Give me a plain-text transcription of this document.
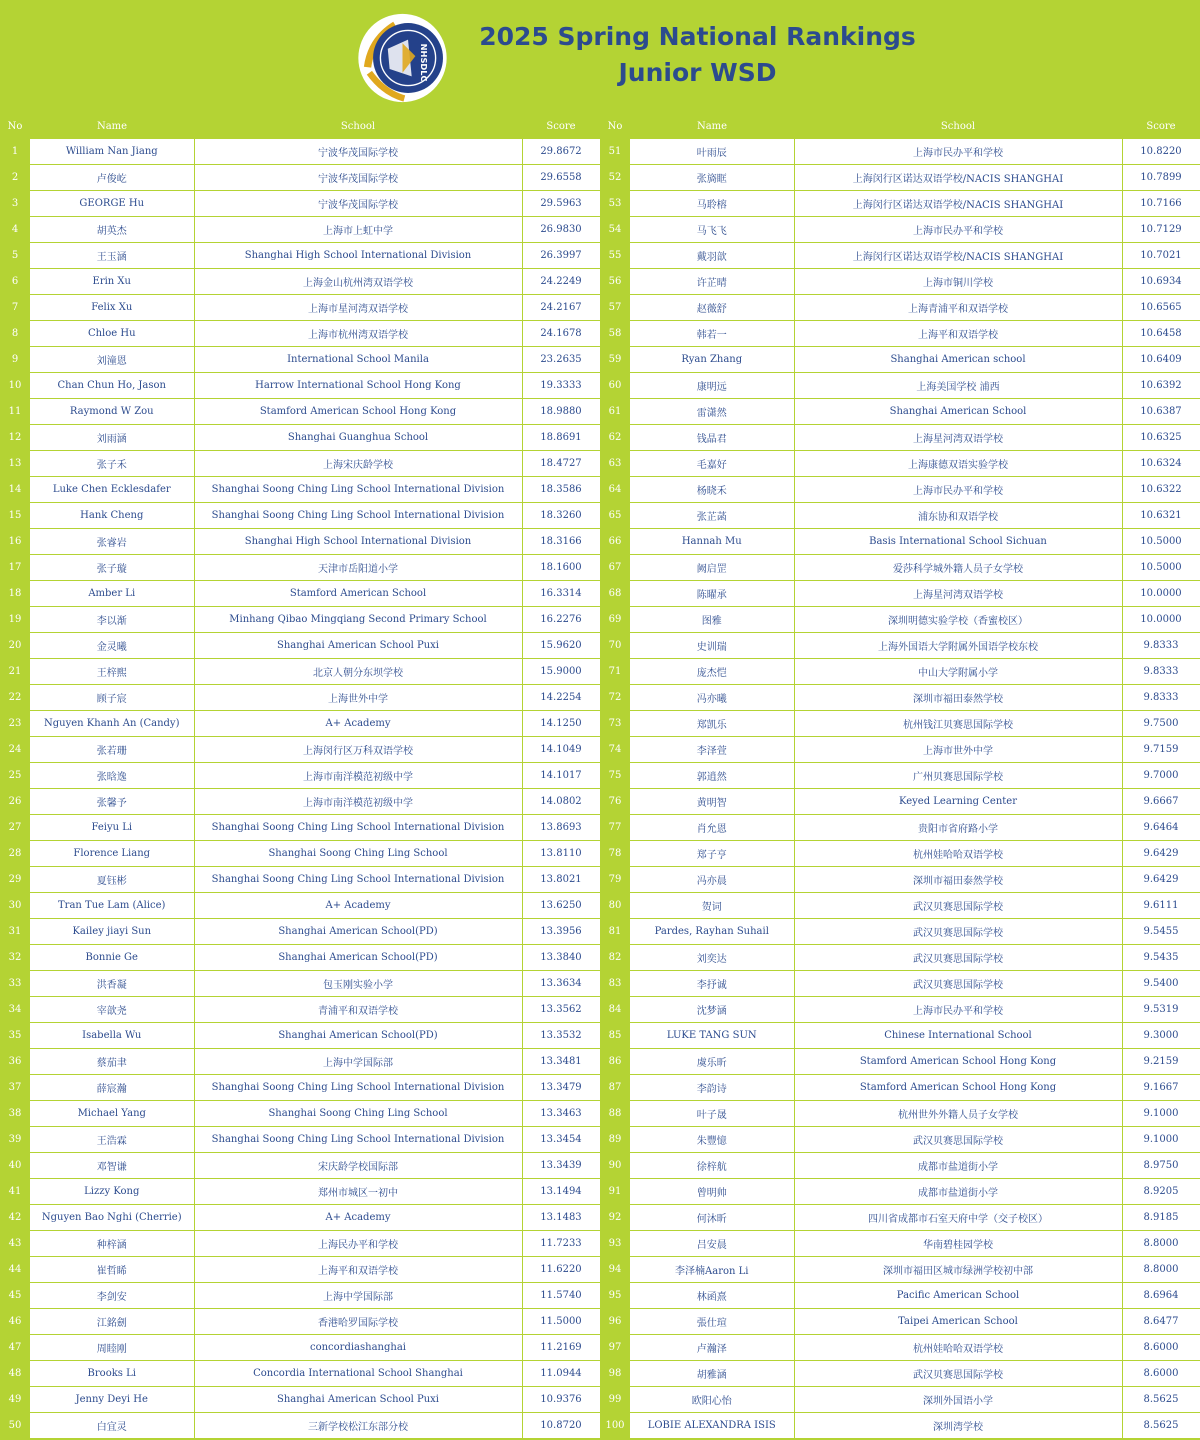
NHSDLC
2025 Spring National Rankings
Junior WSD
No	Name	School	Score
1	William Nan Jiang	宁波华茂国际学校	29.8672
2	卢俊屹	宁波华茂国际学校	29.6558
3	GEORGE Hu	宁波华茂国际学校	29.5963
4	胡英杰	上海市上虹中学	26.9830
5	王玉涵	Shanghai High School International Division	26.3997
6	Erin Xu	上海金山杭州湾双语学校	24.2249
7	Felix Xu	上海市星河湾双语学校	24.2167
8	Chloe Hu	上海市杭州湾双语学校	24.1678
9	刘潼恩	International School Manila	23.2635
10	Chan Chun Ho, Jason	Harrow International School Hong Kong	19.3333
11	Raymond W Zou	Stamford American School Hong Kong	18.9880
12	刘雨涵	Shanghai Guanghua School	18.8691
13	张子禾	上海宋庆龄学校	18.4727
14	Luke Chen Ecklesdafer	Shanghai Soong Ching Ling School International Division	18.3586
15	Hank Cheng	Shanghai Soong Ching Ling School International Division	18.3260
16	张睿岩	Shanghai High School International Division	18.3166
17	张子璇	天津市岳阳道小学	18.1600
18	Amber Li	Stamford American School	16.3314
19	李以渐	Minhang Qibao Mingqiang Second Primary School	16.2276
20	金灵曦	Shanghai American School Puxi	15.9620
21	王梓熙	北京人朝分东坝学校	15.9000
22	顾子宸	上海世外中学	14.2254
23	Nguyen Khanh An (Candy)	A+ Academy	14.1250
24	张若珊	上海闵行区万科双语学校	14.1049
25	张晗逸	上海市南洋模范初级中学	14.1017
26	张馨予	上海市南洋模范初级中学	14.0802
27	Feiyu Li	Shanghai Soong Ching Ling School International Division	13.8693
28	Florence Liang	Shanghai Soong Ching Ling School	13.8110
29	夏钰彬	Shanghai Soong Ching Ling School International Division	13.8021
30	Tran Tue Lam (Alice)	A+ Academy	13.6250
31	Kailey jiayi Sun	Shanghai American School(PD)	13.3956
32	Bonnie Ge	Shanghai American School(PD)	13.3840
33	洪香凝	包玉刚实验小学	13.3634
34	宰歆尧	青浦平和双语学校	13.3562
35	Isabella Wu	Shanghai American School(PD)	13.3532
36	蔡茄聿	上海中学国际部	13.3481
37	薛宸瀚	Shanghai Soong Ching Ling School International Division	13.3479
38	Michael Yang	Shanghai Soong Ching Ling School	13.3463
39	王浩霖	Shanghai Soong Ching Ling School International Division	13.3454
40	邓智谦	宋庆龄学校国际部	13.3439
41	Lizzy Kong	郑州市城区一初中	13.1494
42	Nguyen Bao Nghi (Cherrie)	A+ Academy	13.1483
43	种梓涵	上海民办平和学校	11.7233
44	崔哲睎	上海平和双语学校	11.6220
45	李剑安	上海中学国际部	11.5740
46	江銘劍	香港哈罗国际学校	11.5000
47	周睦刚	concordiashanghai	11.2169
48	Brooks Li	Concordia International School Shanghai	11.0944
49	Jenny Deyi He	Shanghai American School Puxi	10.9376
50	白宜灵	三新学校松江东部分校	10.8720
No	Name	School	Score
51	叶雨辰	上海市民办平和学校	10.8220
52	张旖眶	上海闵行区诺达双语学校/NACIS SHANGHAI	10.7899
53	马聆榕	上海闵行区诺达双语学校/NACIS SHANGHAI	10.7166
54	马飞飞	上海市民办平和学校	10.7129
55	戴羽歆	上海闵行区诺达双语学校/NACIS SHANGHAI	10.7021
56	许芷晴	上海市铜川学校	10.6934
57	赵薇舒	上海青浦平和双语学校	10.6565
58	韩若一	上海平和双语学校	10.6458
59	Ryan Zhang	Shanghai American school	10.6409
60	康明远	上海美国学校 浦西	10.6392
61	雷潇然	Shanghai American School	10.6387
62	钱晶君	上海星河湾双语学校	10.6325
63	毛嘉好	上海康德双语实验学校	10.6324
64	杨晓禾	上海市民办平和学校	10.6322
65	张芷菡	浦东协和双语学校	10.6321
66	Hannah Mu	Basis International School Sichuan	10.5000
67	阙启罡	爱莎科学城外籍人员子女学校	10.5000
68	陈曜承	上海星河湾双语学校	10.0000
69	图雅	深圳明德实验学校（香蜜校区）	10.0000
70	史训瑞	上海外国语大学附属外国语学校东校	9.8333
71	庞杰恺	中山大学附属小学	9.8333
72	冯亦曦	深圳市福田泰然学校	9.8333
73	郑凯乐	杭州钱江贝赛思国际学校	9.7500
74	李泽萱	上海市世外中学	9.7159
75	郭逍然	广州贝赛思国际学校	9.7000
76	黄明智	Keyed Learning Center	9.6667
77	肖允恩	贵阳市省府路小学	9.6464
78	郑子亨	杭州娃哈哈双语学校	9.6429
79	冯亦晨	深圳市福田泰然学校	9.6429
80	贺词	武汉贝赛思国际学校	9.6111
81	Pardes, Rayhan Suhail	武汉贝赛思国际学校	9.5455
82	刘奕达	武汉贝赛思国际学校	9.5435
83	李抒诚	武汉贝赛思国际学校	9.5400
84	沈梦涵	上海市民办平和学校	9.5319
85	LUKE TANG SUN	Chinese International School	9.3000
86	虞乐昕	Stamford American School Hong Kong	9.2159
87	李韵诗	Stamford American School Hong Kong	9.1667
88	叶子晟	杭州世外外籍人员子女学校	9.1000
89	朱豐憶	武汉贝赛思国际学校	9.1000
90	徐梓航	成都市盐道街小学	8.9750
91	曾明帅	成都市盐道街小学	8.9205
92	何沐昕	四川省成都市石室天府中学（交子校区）	8.9185
93	吕安晨	华南碧桂园学校	8.8000
94	李泽楠Aaron Li	深圳市福田区城市绿洲学校初中部	8.8000
95	林函熹	Pacific American School	8.6964
96	張仕瑄	Taipei American School	8.6477
97	卢瀚泽	杭州娃哈哈双语学校	8.6000
98	胡雅涵	武汉贝赛思国际学校	8.6000
99	欧阳心怡	深圳外国语小学	8.5625
100	LOBIE ALEXANDRA ISIS	深圳湾学校	8.5625
